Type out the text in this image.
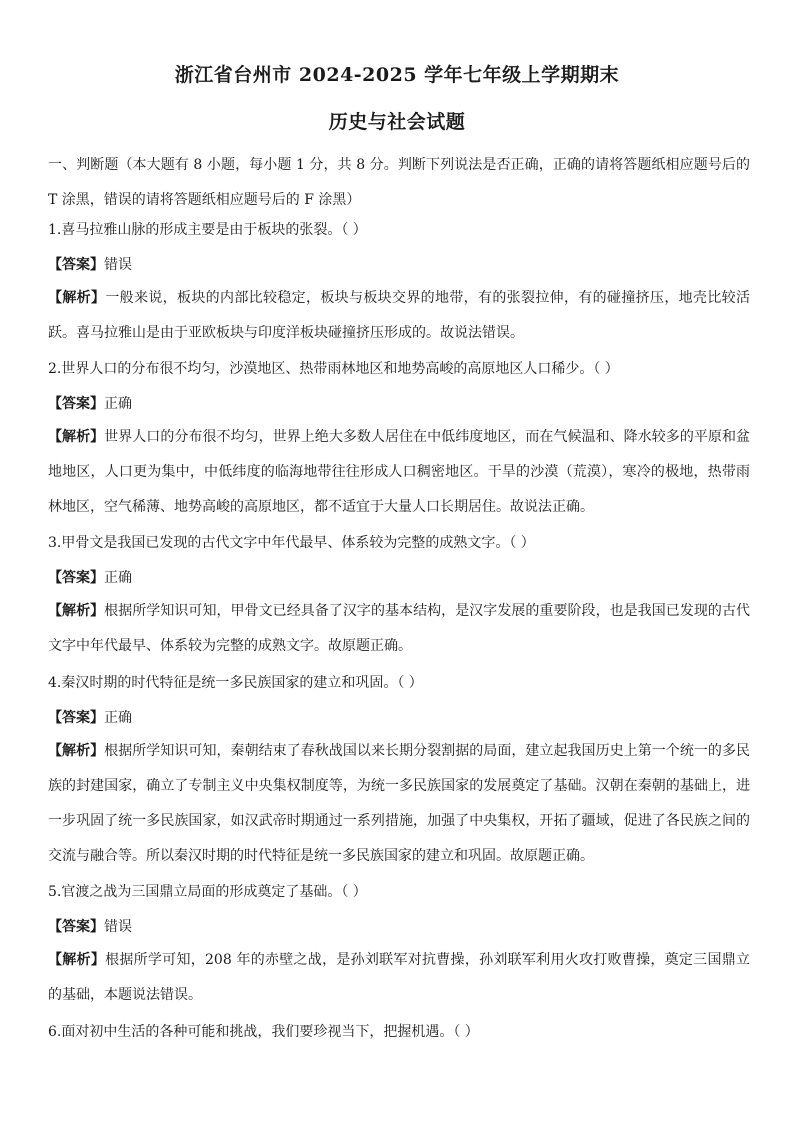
浙江省台州市 2024-2025 学年七年级上学期期末
历史与社会试题
一、判断题（本大题有 8 小题，每小题 1 分，共 8 分。判断下列说法是否正确，正确的请将答题纸相应题号后的 T 涂黑，错误的请将答题纸相应题号后的 F 涂黑）
1.喜马拉雅山脉的形成主要是由于板块的张裂。（ ）
【答案】错误
【解析】一般来说，板块的内部比较稳定，板块与板块交界的地带，有的张裂拉伸，有的碰撞挤压，地壳比较活跃。喜马拉雅山是由于亚欧板块与印度洋板块碰撞挤压形成的。故说法错误。
2.世界人口的分布很不均匀，沙漠地区、热带雨林地区和地势高峻的高原地区人口稀少。（ ）
【答案】正确
【解析】世界人口的分布很不均匀，世界上绝大多数人居住在中低纬度地区，而在气候温和、降水较多的平原和盆地地区，人口更为集中，中低纬度的临海地带往往形成人口稠密地区。干旱的沙漠（荒漠），寒冷的极地，热带雨林地区，空气稀薄、地势高峻的高原地区，都不适宜于大量人口长期居住。故说法正确。
3.甲骨文是我国已发现的古代文字中年代最早、体系较为完整的成熟文字。（ ）
【答案】正确
【解析】根据所学知识可知，甲骨文已经具备了汉字的基本结构，是汉字发展的重要阶段，也是我国已发现的古代文字中年代最早、体系较为完整的成熟文字。故原题正确。
4.秦汉时期的时代特征是统一多民族国家的建立和巩固。（ ）
【答案】正确
【解析】根据所学知识可知，秦朝结束了春秋战国以来长期分裂割据的局面，建立起我国历史上第一个统一的多民族的封建国家，确立了专制主义中央集权制度等，为统一多民族国家的发展奠定了基础。汉朝在秦朝的基础上，进一步巩固了统一多民族国家，如汉武帝时期通过一系列措施，加强了中央集权，开拓了疆域，促进了各民族之间的交流与融合等。所以秦汉时期的时代特征是统一多民族国家的建立和巩固。故原题正确。
5.官渡之战为三国鼎立局面的形成奠定了基础。（ ）
【答案】错误
【解析】根据所学可知，208 年的赤壁之战，是孙刘联军对抗曹操，孙刘联军利用火攻打败曹操，奠定三国鼎立的基础，本题说法错误。
6.面对初中生活的各种可能和挑战，我们要珍视当下，把握机遇。（ ）
